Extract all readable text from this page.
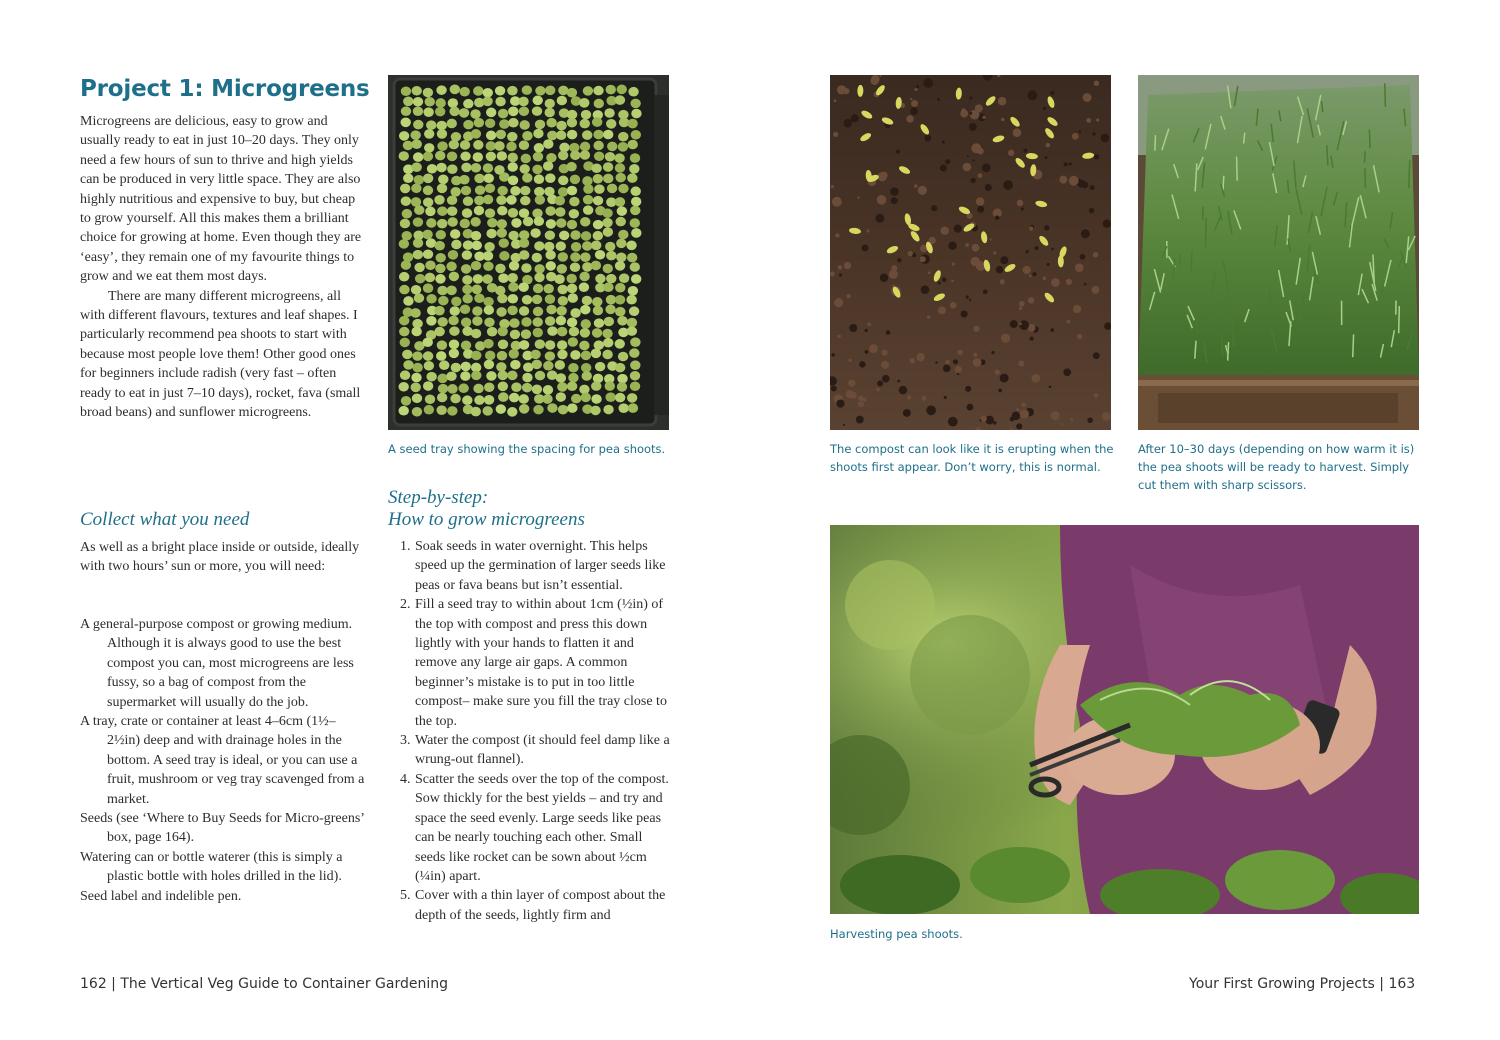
Project 1: Microgreens
Microgreens are delicious, easy to grow and usually ready to eat in just 10–20 days. They only need a few hours of sun to thrive and high yields can be produced in very little space. They are also highly nutritious and expensive to buy, but cheap to grow yourself. All this makes them a brilliant choice for growing at home. Even though they are ‘easy’, they remain one of my favourite things to grow and we eat them most days.
There are many different microgreens, all with different flavours, textures and leaf shapes. I particularly recommend pea shoots to start with because most people love them! Other good ones for beginners include radish (very fast – often ready to eat in just 7–10 days), rocket, fava (small broad beans) and sunflower microgreens.
Collect what you need
As well as a bright place inside or outside, ideally with two hours’ sun or more, you will need:
A general-purpose compost or growing medium. Although it is always good to use the best compost you can, most microgreens are less fussy, so a bag of compost from the supermarket will usually do the job.
A tray, crate or container at least 4–6cm (1½–2½in) deep and with drainage holes in the bottom. A seed tray is ideal, or you can use a fruit, mushroom or veg tray scavenged from a market.
Seeds (see ‘Where to Buy Seeds for Micro-greens’ box, page 164).
Watering can or bottle waterer (this is simply a plastic bottle with holes drilled in the lid).
Seed label and indelible pen.
A seed tray showing the spacing for pea shoots.
Step-by-step:
How to grow microgreens
1. Soak seeds in water overnight. This helps speed up the germination of larger seeds like peas or fava beans but isn’t essential.
2. Fill a seed tray to within about 1cm (½in) of the top with compost and press this down lightly with your hands to flatten it and remove any large air gaps. A common beginner’s mistake is to put in too little compost– make sure you fill the tray close to the top.
3. Water the compost (it should feel damp like a wrung-out flannel).
4. Scatter the seeds over the top of the compost. Sow thickly for the best yields – and try and space the seed evenly. Large seeds like peas can be nearly touching each other. Small seeds like rocket can be sown about ½cm (¼in) apart.
5. Cover with a thin layer of compost about the depth of the seeds, lightly firm and
162 | The Vertical Veg Guide to Container Gardening
The compost can look like it is erupting when the shoots first appear. Don’t worry, this is normal.
After 10–30 days (depending on how warm it is) the pea shoots will be ready to harvest. Simply cut them with sharp scissors.
Harvesting pea shoots.
Your First Growing Projects | 163
